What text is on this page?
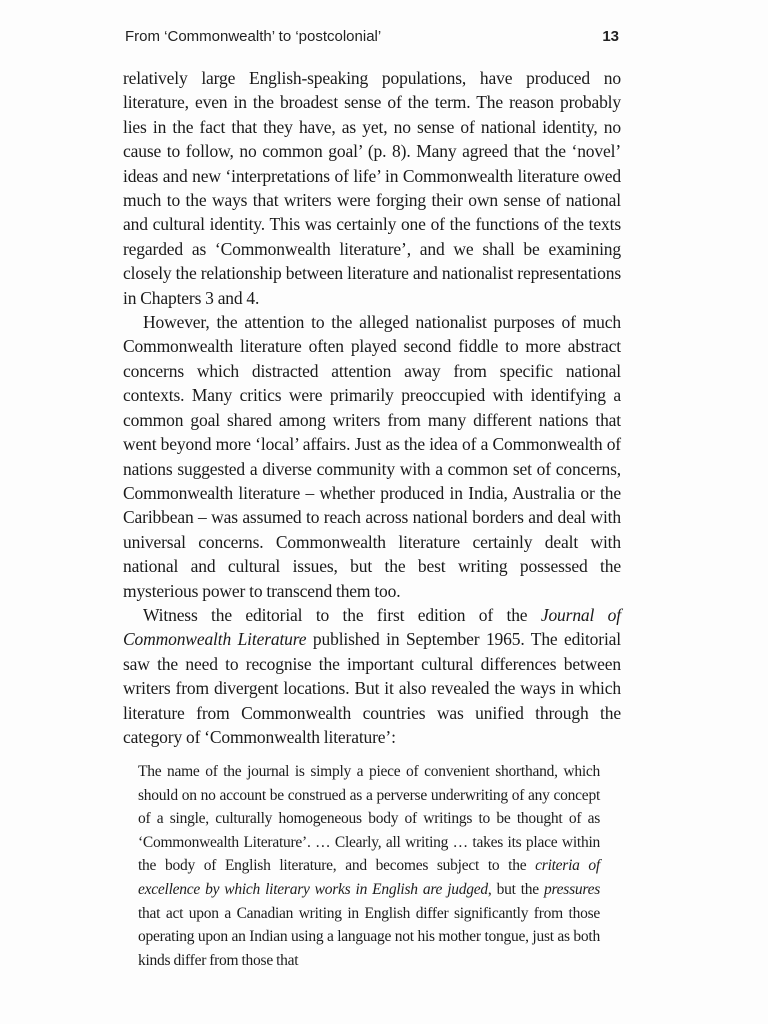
From ‘Commonwealth’ to ‘postcolonial’	13

relatively large English-speaking populations, have produced no literature, even in the broadest sense of the term. The reason probably lies in the fact that they have, as yet, no sense of national identity, no cause to follow, no common goal’ (p. 8). Many agreed that the ‘novel’ ideas and new ‘interpretations of life’ in Commonwealth literature owed much to the ways that writers were forging their own sense of national and cultural identity. This was certainly one of the functions of the texts regarded as ‘Commonwealth literature’, and we shall be examining closely the relationship between literature and nationalist representations in Chapters 3 and 4.

However, the attention to the alleged nationalist purposes of much Commonwealth literature often played second fiddle to more abstract concerns which distracted attention away from specific national contexts. Many critics were primarily preoccupied with identifying a common goal shared among writers from many different nations that went beyond more ‘local’ affairs. Just as the idea of a Commonwealth of nations suggested a diverse community with a common set of concerns, Commonwealth literature – whether produced in India, Australia or the Caribbean – was assumed to reach across national borders and deal with universal concerns. Commonwealth literature certainly dealt with national and cultural issues, but the best writing possessed the mysterious power to transcend them too.

Witness the editorial to the first edition of the Journal of Commonwealth Literature published in September 1965. The editorial saw the need to recognise the important cultural differences between writers from divergent locations. But it also revealed the ways in which literature from Commonwealth countries was unified through the category of ‘Commonwealth literature’:

The name of the journal is simply a piece of convenient shorthand, which should on no account be construed as a perverse underwriting of any concept of a single, culturally homogeneous body of writings to be thought of as ‘Commonwealth Literature’. … Clearly, all writing … takes its place within the body of English literature, and becomes subject to the criteria of excellence by which literary works in English are judged, but the pressures that act upon a Canadian writing in English differ significantly from those operating upon an Indian using a language not his mother tongue, just as both kinds differ from those that
